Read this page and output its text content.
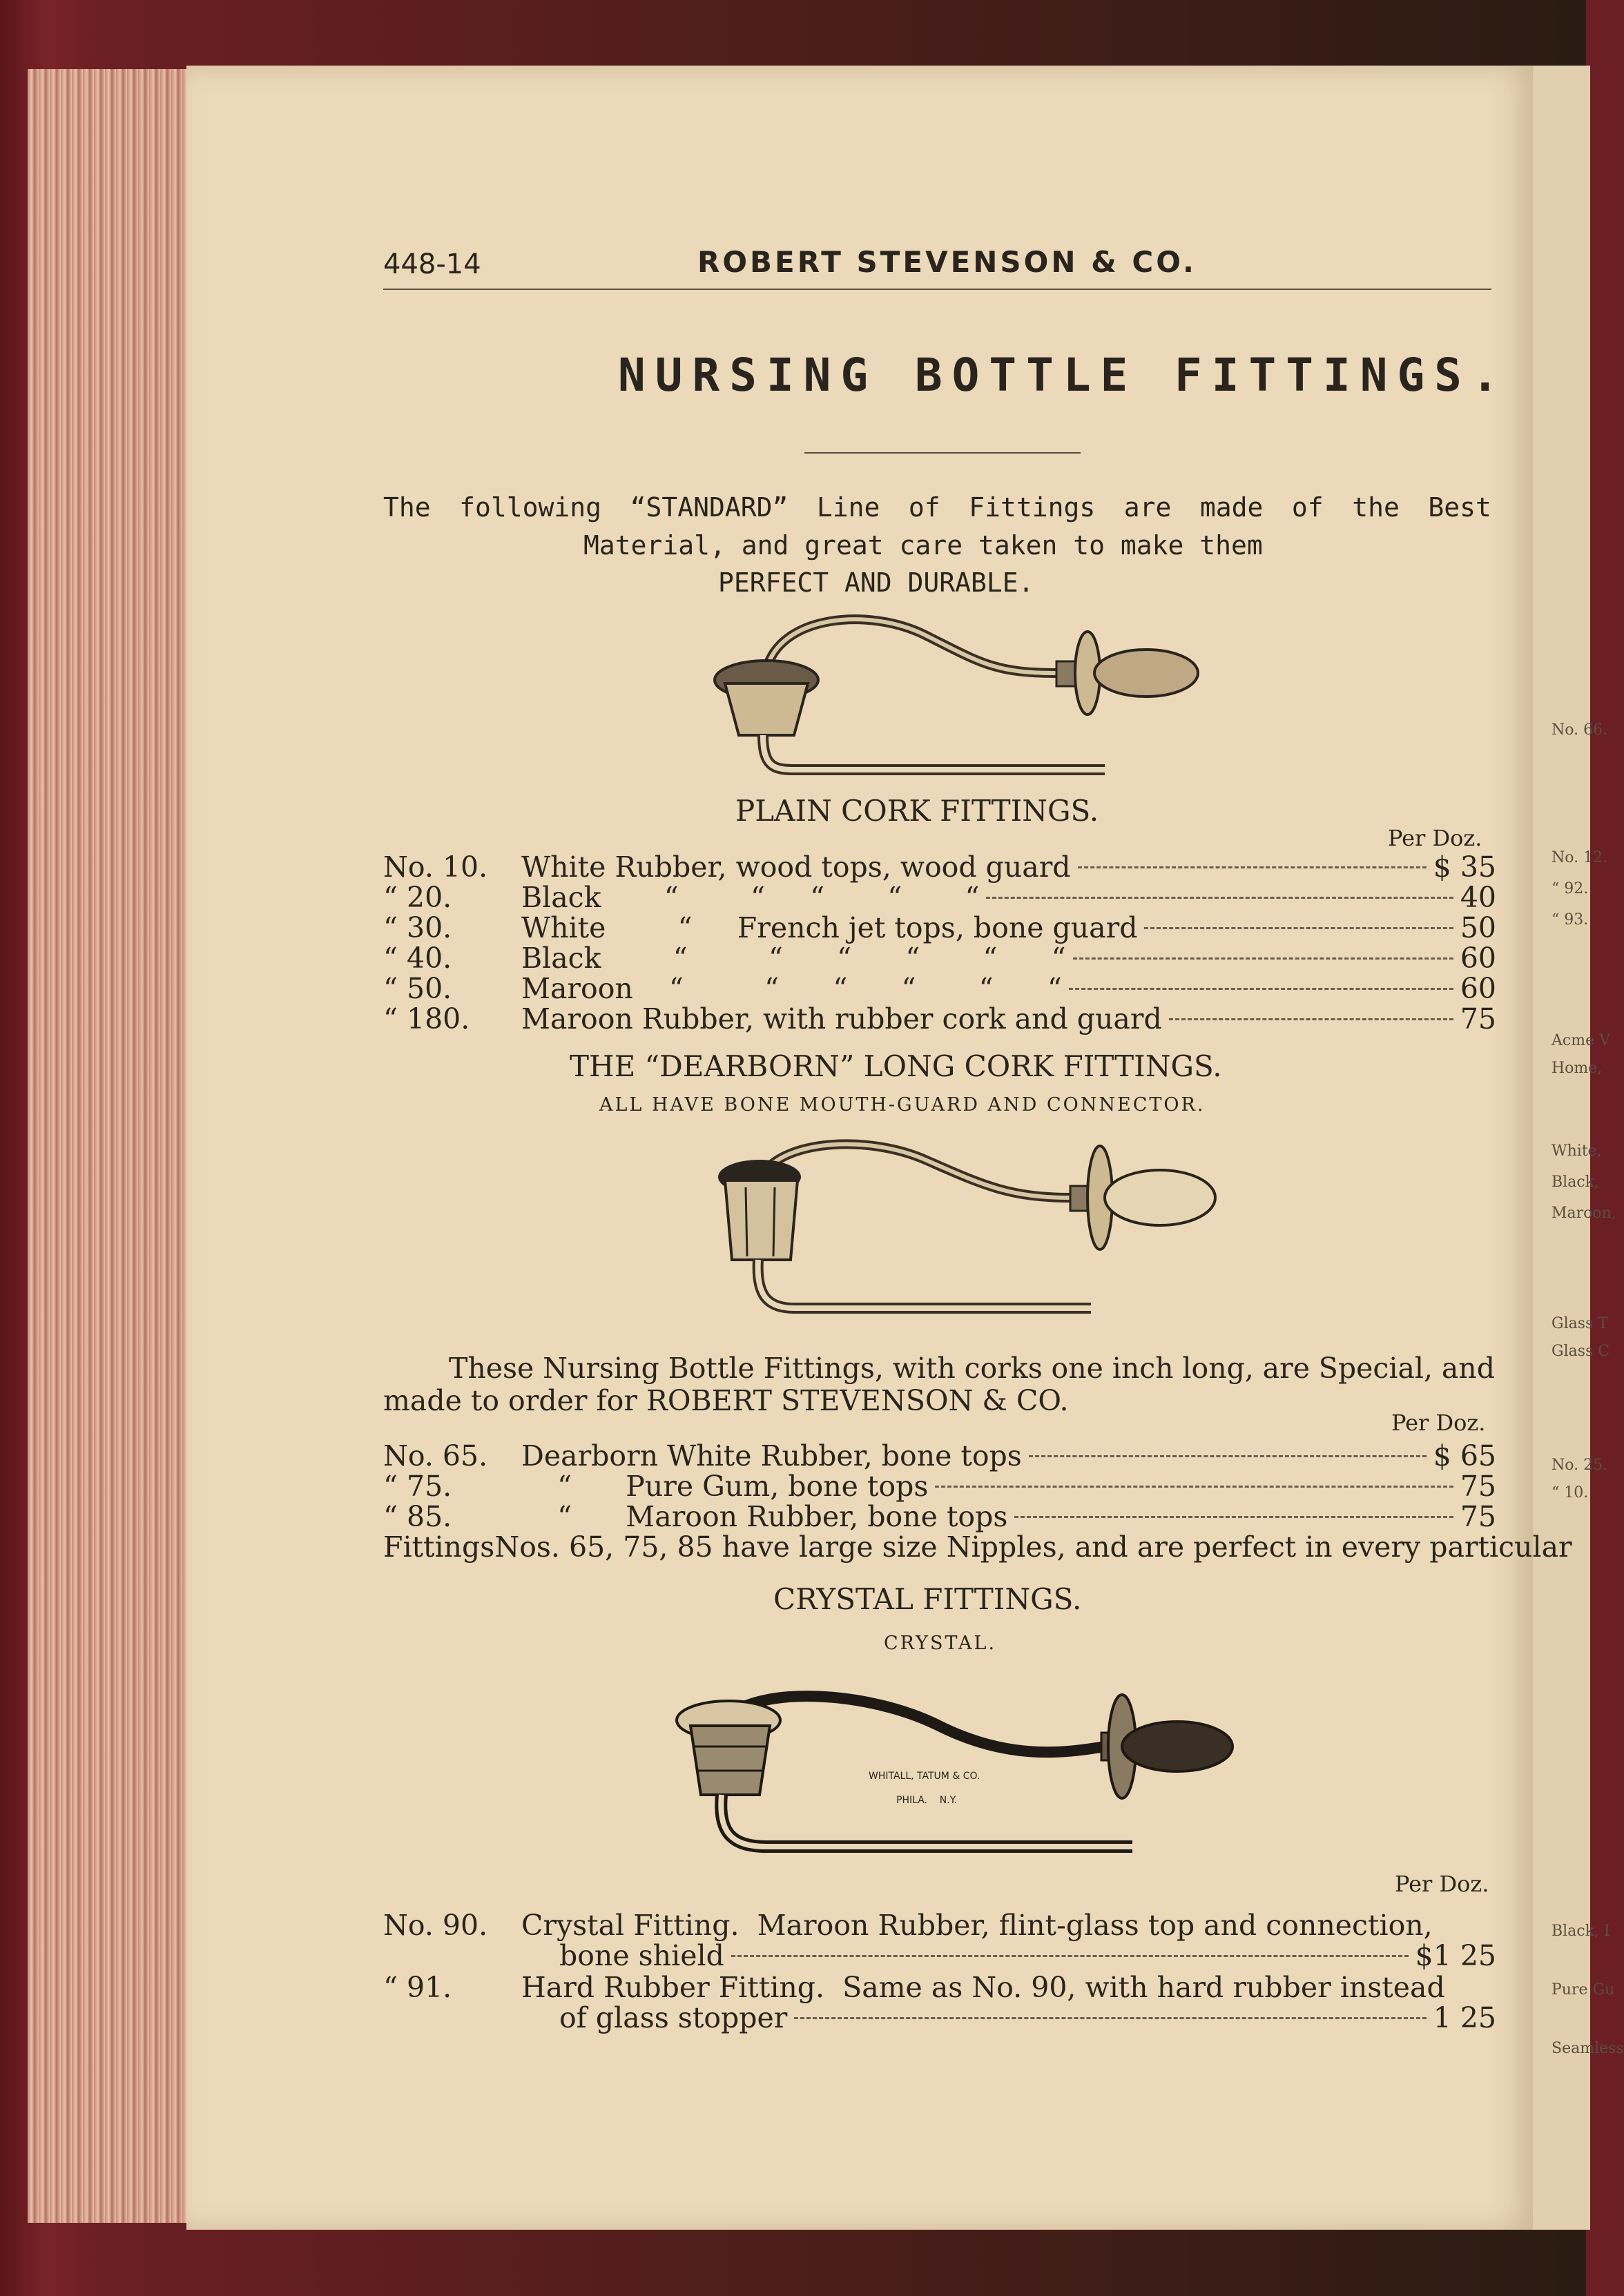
No. 66.
No. 12.
“ 92.
“ 93.
Acme V
Home,
White,
Black,
Maroon,
Glass T
Glass C
No. 25.
“ 10.
Black, I
Pure Gu
Seamless

448-14	ROBERT STEVENSON & CO.

NURSING BOTTLE FITTINGS.

The following “STANDARD” Line of Fittings are made of the Best

Material, and great care taken to make them

PERFECT AND DURABLE.

PLAIN CORK FITTINGS.

Per Doz.

No. 10.	White Rubber, wood tops, wood guard	$ 35
“ 20.	Black       “        “     “       “       “	40
“ 30.	White        “     French jet tops, bone guard	50
“ 40.	Black        “         “      “      “       “      “	60
“ 50.	Maroon    “         “      “      “       “      “	60
“ 180.	Maroon Rubber, with rubber cork and guard	75

THE “DEARBORN” LONG CORK FITTINGS.

ALL HAVE BONE MOUTH-GUARD AND CONNECTOR.

These Nursing Bottle Fittings, with corks one inch long, are Special, and

made to order for ROBERT STEVENSON & CO.

Per Doz.

No. 65.	Dearborn White Rubber, bone tops	$ 65
“ 75.	“      Pure Gum, bone tops	75
“ 85.	“      Maroon Rubber, bone tops	75
Fittings Nos. 65, 75, 85 have large size Nipples, and are perfect in every particular

CRYSTAL FITTINGS.

CRYSTAL.

WHITALL, TATUM & CO.

PHILA.    N.Y.

Per Doz.

No. 90.	Crystal Fitting.  Maroon Rubber, flint-glass top and connection,
bone shield	$1 25
“ 91.	Hard Rubber Fitting.  Same as No. 90, with hard rubber instead
of glass stopper	1 25
